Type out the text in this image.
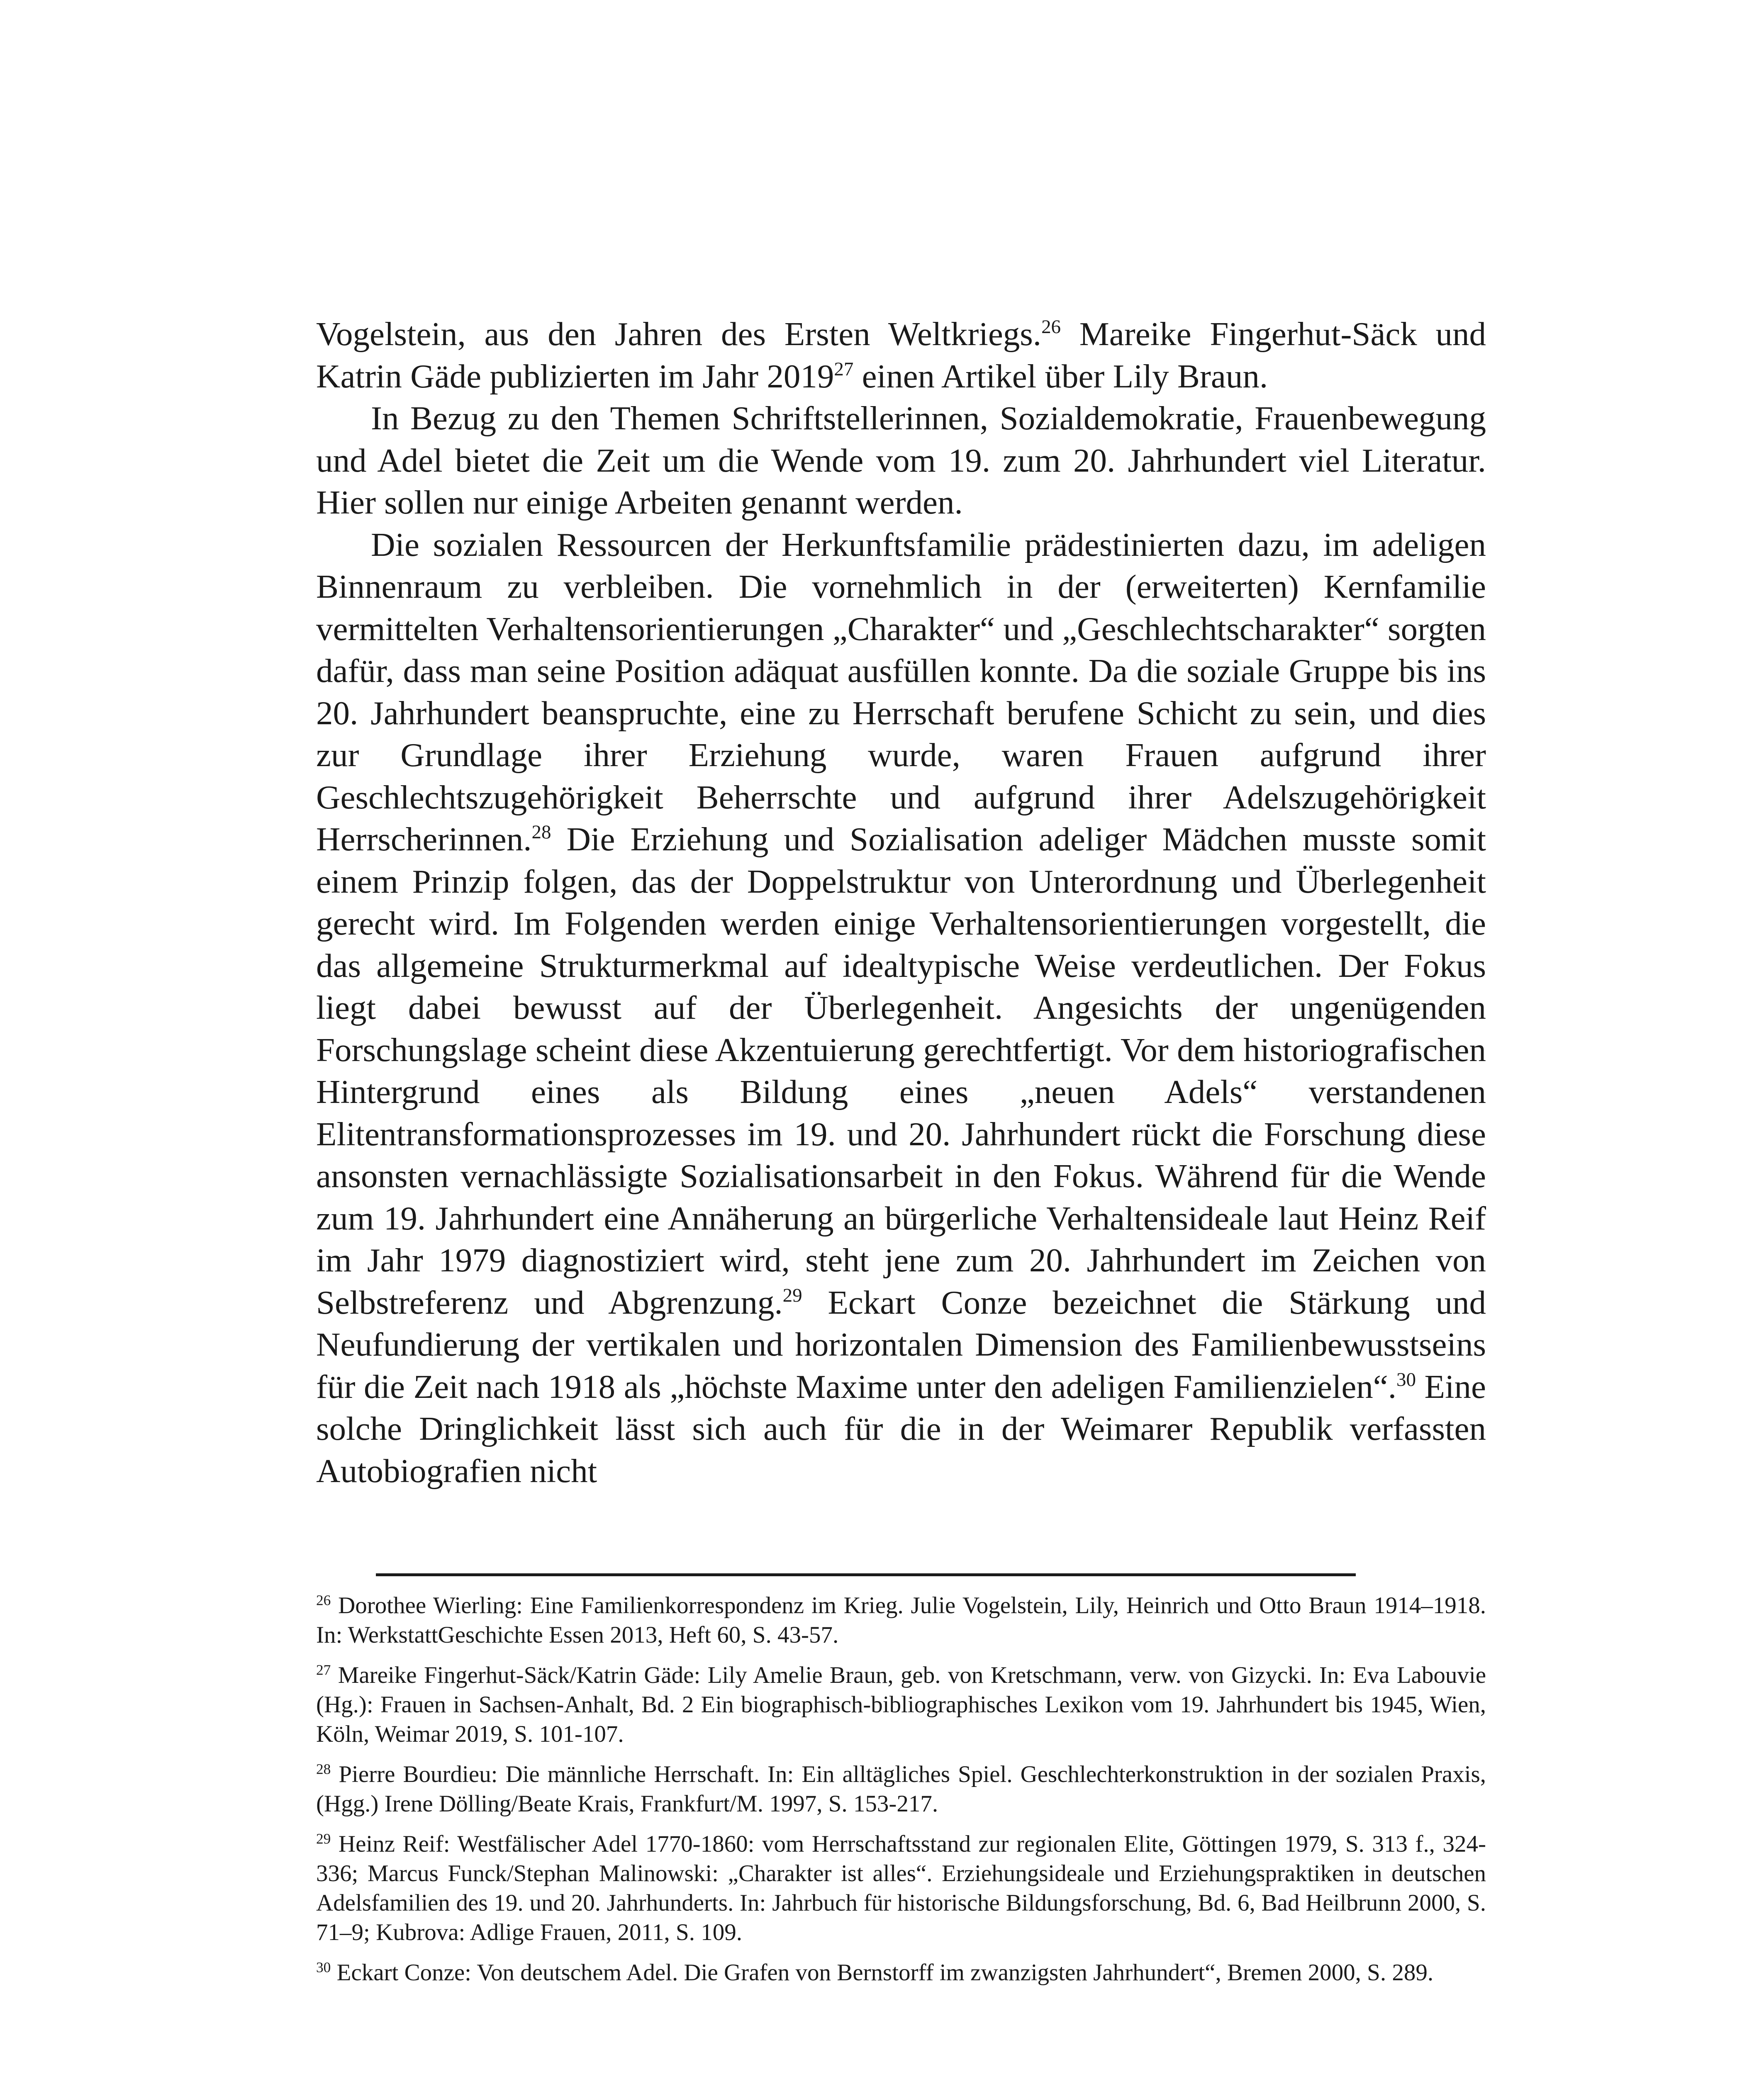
Vogelstein, aus den Jahren des Ersten Weltkriegs.$^{26}$ Mareike Fingerhut-Säck und Katrin Gäde publizierten im Jahr 2019$^{27}$ einen Artikel über Lily Braun.

In Bezug zu den Themen Schriftstellerinnen, Sozialdemokratie, Frauenbewegung und Adel bietet die Zeit um die Wende vom 19. zum 20. Jahrhundert viel Literatur. Hier sollen nur einige Arbeiten genannt werden.

Die sozialen Ressourcen der Herkunftsfamilie prädestinierten dazu, im adeligen Binnenraum zu verbleiben. Die vornehmlich in der (erweiterten) Kernfamilie vermittelten Verhaltensorientierungen „Charakter“ und „Geschlechtscharakter“ sorgten dafür, dass man seine Position adäquat ausfüllen konnte. Da die soziale Gruppe bis ins 20. Jahrhundert beanspruchte, eine zu Herrschaft berufene Schicht zu sein, und dies zur Grundlage ihrer Erziehung wurde, waren Frauen aufgrund ihrer Geschlechtszugehörigkeit Beherrschte und aufgrund ihrer Adelszugehörigkeit Herrscherinnen.$^{28}$ Die Erziehung und Sozialisation adeliger Mädchen musste somit einem Prinzip folgen, das der Doppelstruktur von Unterordnung und Überlegenheit gerecht wird. Im Folgenden werden einige Verhaltensorientierungen vorgestellt, die das allgemeine Strukturmerkmal auf idealtypische Weise verdeutlichen. Der Fokus liegt dabei bewusst auf der Überlegenheit. Angesichts der ungenügenden Forschungslage scheint diese Akzentuierung gerechtfertigt. Vor dem historiografischen Hintergrund eines als Bildung eines „neuen Adels“ verstandenen Elitentransformationsprozesses im 19. und 20. Jahrhundert rückt die Forschung diese ansonsten vernachlässigte Sozialisationsarbeit in den Fokus. Während für die Wende zum 19. Jahrhundert eine Annäherung an bürgerliche Verhaltensideale laut Heinz Reif im Jahr 1979 diagnostiziert wird, steht jene zum 20. Jahrhundert im Zeichen von Selbstreferenz und Abgrenzung.$^{29}$ Eckart Conze bezeichnet die Stärkung und Neufundierung der vertikalen und horizontalen Dimension des Familienbewusstseins für die Zeit nach 1918 als „höchste Maxime unter den adeligen Familienzielen“.$^{30}$ Eine solche Dringlichkeit lässt sich auch für die in der Weimarer Republik verfassten Autobiografien nicht

$^{26}$ Dorothee Wierling: Eine Familienkorrespondenz im Krieg. Julie Vogelstein, Lily, Heinrich und Otto Braun 1914–1918. In: WerkstattGeschichte Essen 2013, Heft 60, S. 43-57.

$^{27}$ Mareike Fingerhut-Säck/Katrin Gäde: Lily Amelie Braun, geb. von Kretschmann, verw. von Gizycki. In: Eva Labouvie (Hg.): Frauen in Sachsen-Anhalt, Bd. 2 Ein biographisch-bibliographisches Lexikon vom 19. Jahrhundert bis 1945, Wien, Köln, Weimar 2019, S. 101-107.

$^{28}$ Pierre Bourdieu: Die männliche Herrschaft. In: Ein alltägliches Spiel. Geschlechterkonstruktion in der sozialen Praxis, (Hgg.) Irene Dölling/Beate Krais, Frankfurt/M. 1997, S. 153-217.

$^{29}$ Heinz Reif: Westfälischer Adel 1770-1860: vom Herrschaftsstand zur regionalen Elite, Göttingen 1979, S. 313 f., 324-336; Marcus Funck/Stephan Malinowski: „Charakter ist alles“. Erziehungsideale und Erziehungspraktiken in deutschen Adelsfamilien des 19. und 20. Jahrhunderts. In: Jahrbuch für historische Bildungsforschung, Bd. 6, Bad Heilbrunn 2000, S. 71–9; Kubrova: Adlige Frauen, 2011, S. 109.

$^{30}$ Eckart Conze: Von deutschem Adel. Die Grafen von Bernstorff im zwanzigsten Jahrhundert“, Bremen 2000, S. 289.
